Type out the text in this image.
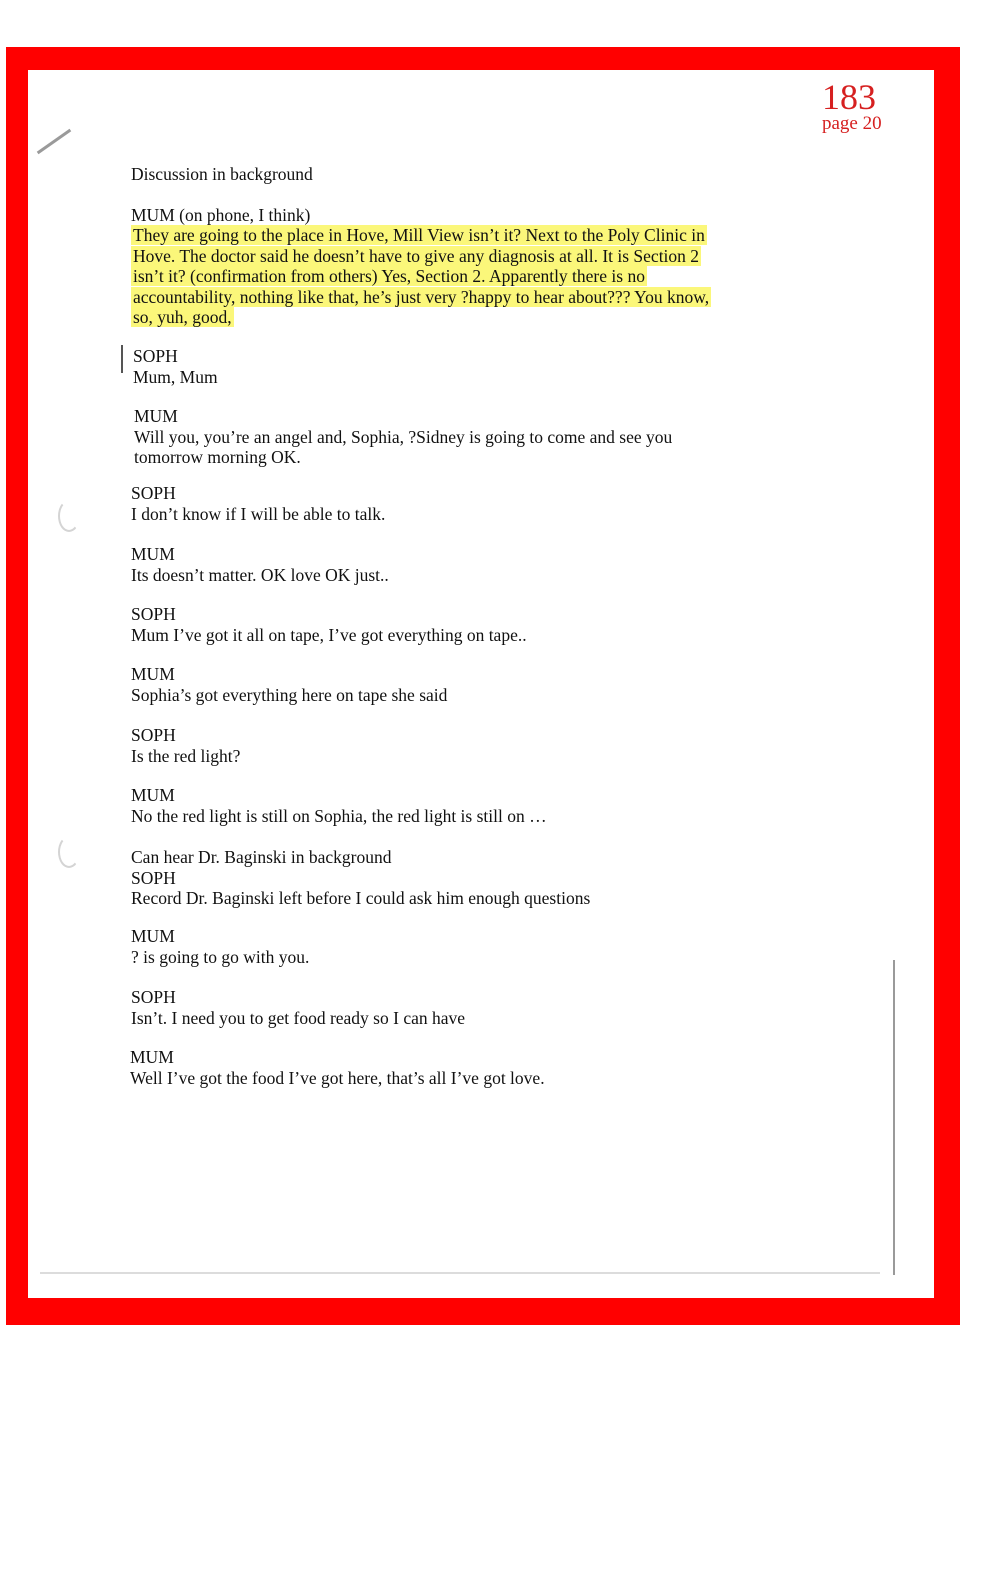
183
page 20
Discussion in background
MUM (on phone, I think)
They are going to the place in Hove, Mill View isn’t it? Next to the Poly Clinic in
Hove. The doctor said he doesn’t have to give any diagnosis at all. It is Section 2
isn’t it? (confirmation from others) Yes, Section 2. Apparently there is no
accountability, nothing like that, he’s just very ?happy to hear about??? You know,
so, yuh, good,
SOPH
Mum, Mum
MUM
Will you, you’re an angel and, Sophia, ?Sidney is going to come and see you
tomorrow morning OK.
SOPH
I don’t know if I will be able to talk.
MUM
Its doesn’t matter. OK love OK just..
SOPH
Mum I’ve got it all on tape, I’ve got everything on tape..
MUM
Sophia’s got everything here on tape she said
SOPH
Is the red light?
MUM
No the red light is still on Sophia, the red light is still on …
Can hear Dr. Baginski in background
SOPH
Record Dr. Baginski left before I could ask him enough questions
MUM
? is going to go with you.
SOPH
Isn’t. I need you to get food ready so I can have
MUM
Well I’ve got the food I’ve got here, that’s all I’ve got love.
